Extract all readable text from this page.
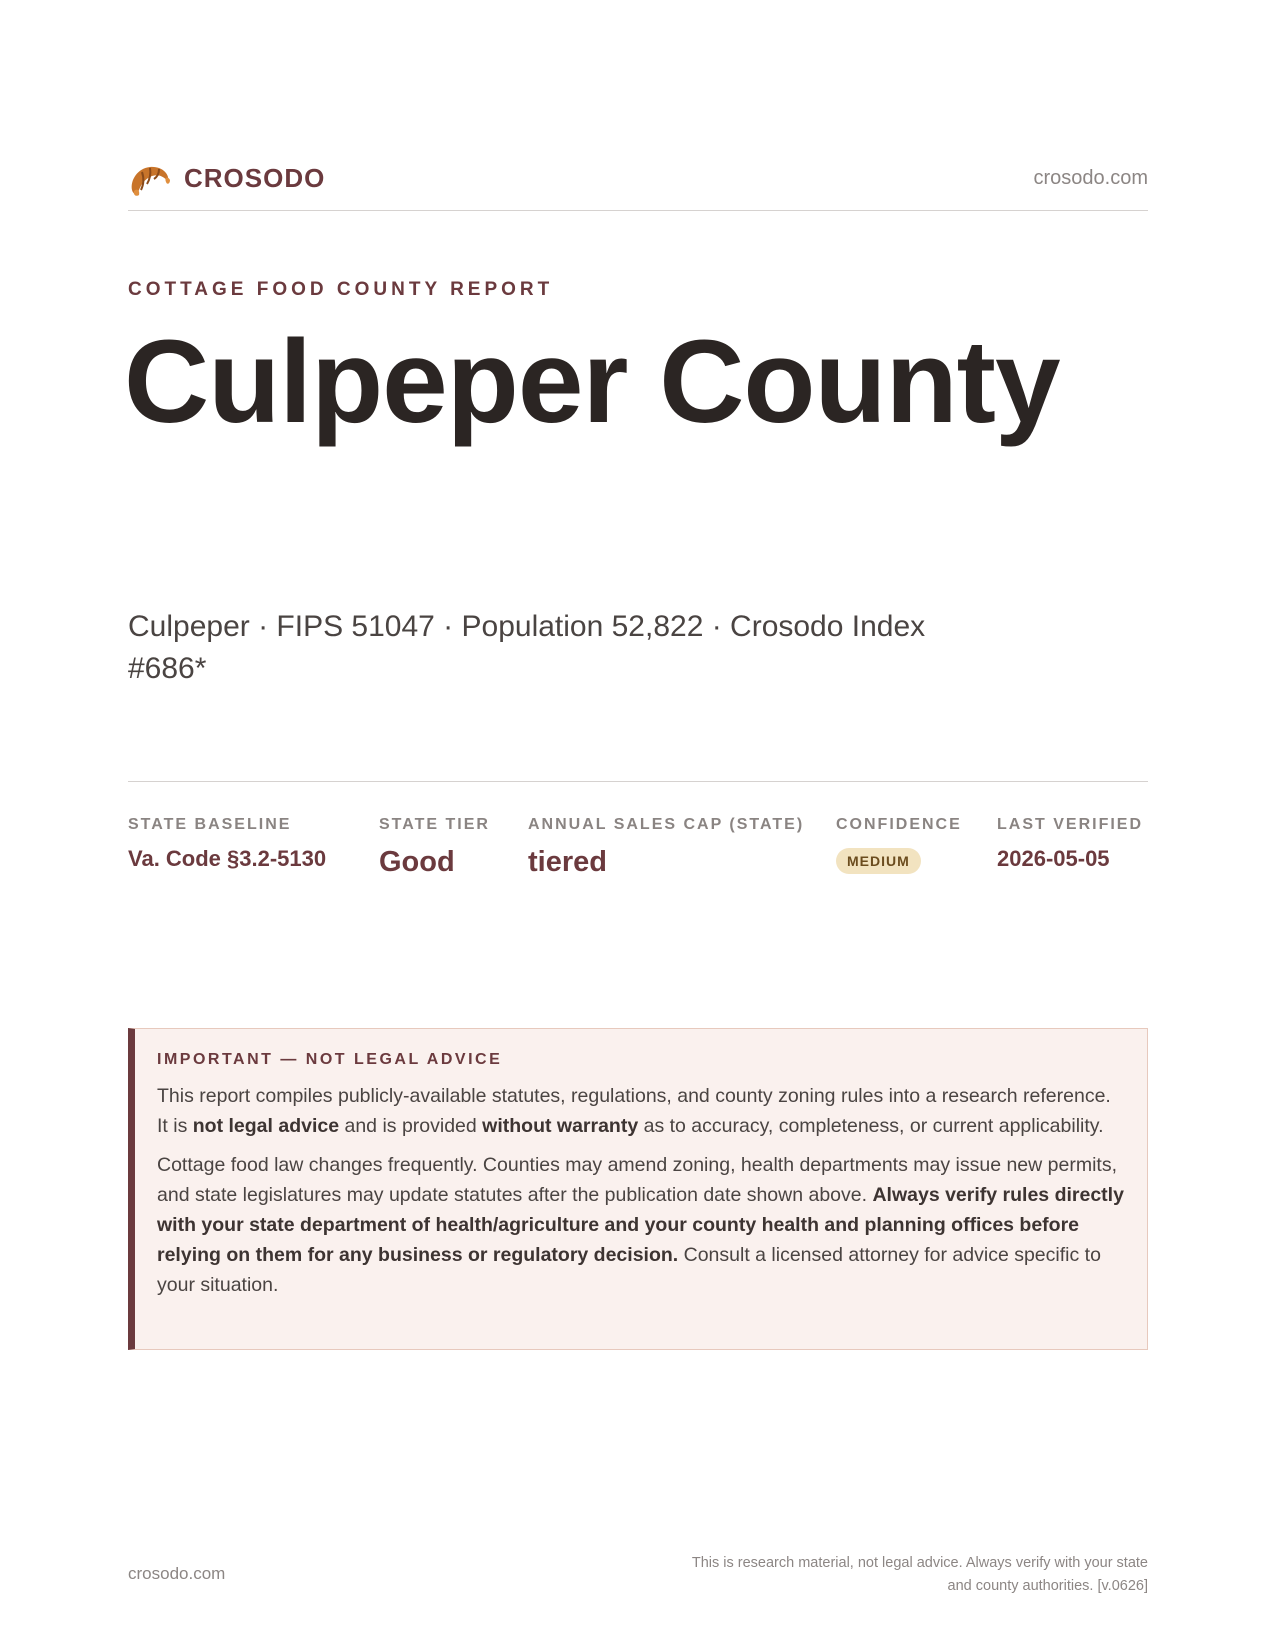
CROSODO	crosodo.com
COTTAGE FOOD COUNTY REPORT
Culpeper County
Culpeper · FIPS 51047 · Population 52,822 · Crosodo Index #686*
STATE BASELINE
Va. Code §3.2-5130
STATE TIER
Good
ANNUAL SALES CAP (STATE)
tiered
CONFIDENCE
MEDIUM
LAST VERIFIED
2026-05-05
IMPORTANT — NOT LEGAL ADVICE

This report compiles publicly-available statutes, regulations, and county zoning rules into a research reference. It is not legal advice and is provided without warranty as to accuracy, completeness, or current applicability.

Cottage food law changes frequently. Counties may amend zoning, health departments may issue new permits, and state legislatures may update statutes after the publication date shown above. Always verify rules directly with your state department of health/agriculture and your county health and planning offices before relying on them for any business or regulatory decision. Consult a licensed attorney for advice specific to your situation.

crosodo.com
This is research material, not legal advice. Always verify with your state
and county authorities. [v.0626]
